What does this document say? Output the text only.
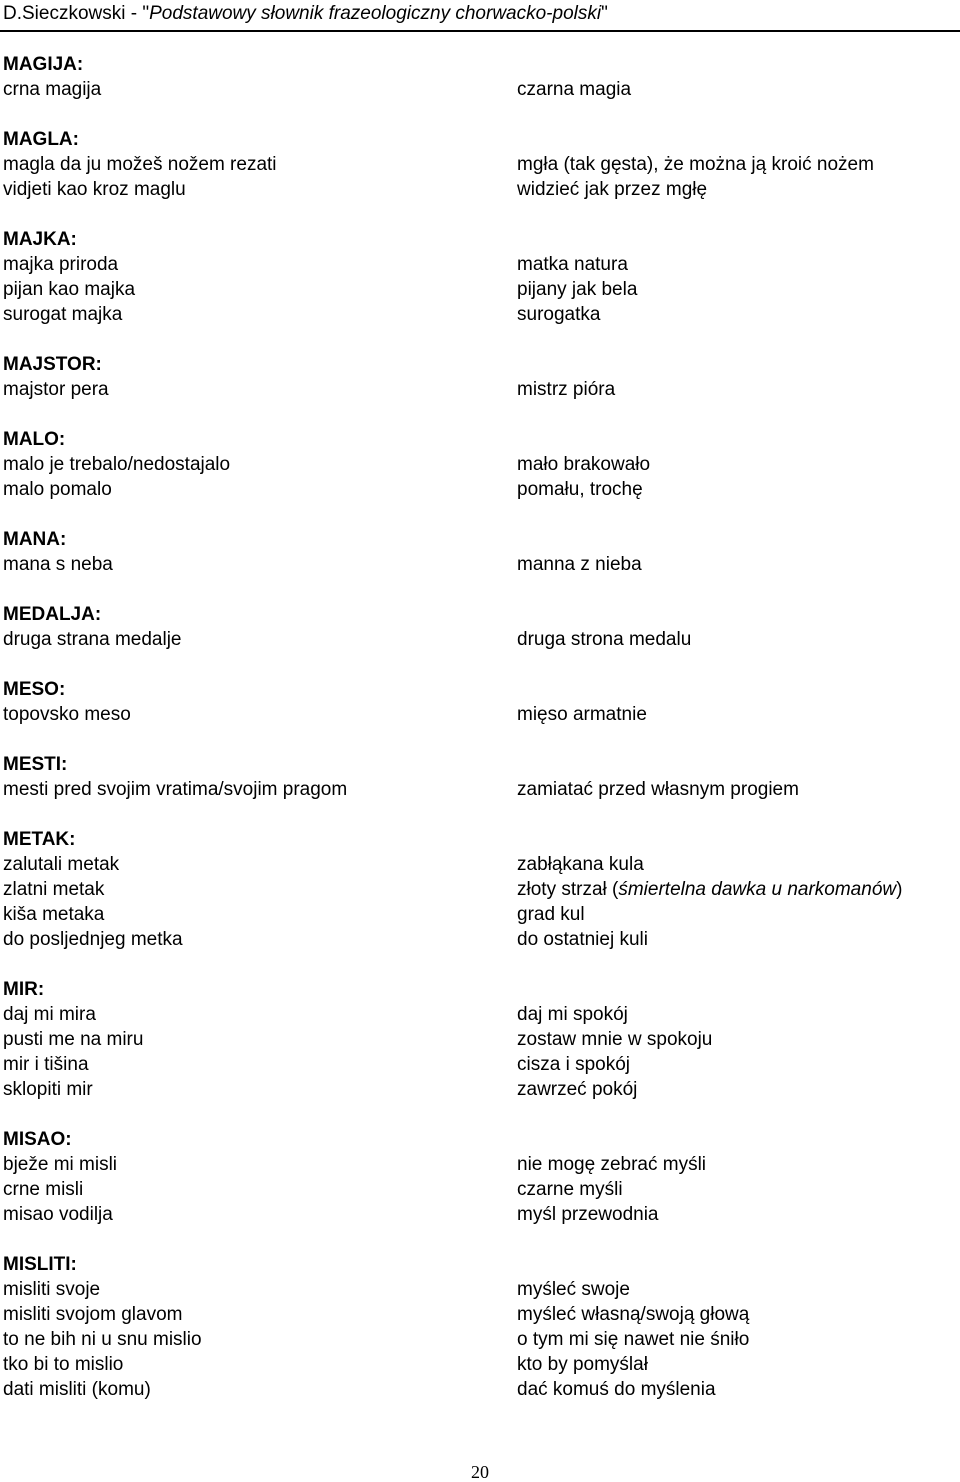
D.Sieczkowski - "Podstawowy słownik frazeologiczny chorwacko-polski"
MAGIJA:
crna magija	czarna magia
MAGLA:
magla da ju možeš nožem rezati	mgła (tak gęsta), że można ją kroić nożem
vidjeti kao kroz maglu	widzieć jak przez mgłę
MAJKA:
majka priroda	matka natura
pijan kao majka	pijany jak bela
surogat majka	surogatka
MAJSTOR:
majstor pera	mistrz pióra
MALO:
malo je trebalo/nedostajalo	mało brakowało
malo pomalo	pomału, trochę
MANA:
mana s neba	manna z nieba
MEDALJA:
druga strana medalje	druga strona medalu
MESO:
topovsko meso	mięso armatnie
MESTI:
mesti pred svojim vratima/svojim pragom	zamiatać przed własnym progiem
METAK:
zalutali metak	zabłąkana kula
zlatni metak	złoty strzał (śmiertelna dawka u narkomanów)
kiša metaka	grad kul
do posljednjeg metka	do ostatniej kuli
MIR:
daj mi mira	daj mi spokój
pusti me na miru	zostaw mnie w spokoju
mir i tišina	cisza i spokój
sklopiti mir	zawrzeć pokój
MISAO:
bježe mi misli	nie mogę zebrać myśli
crne misli	czarne myśli
misao vodilja	myśl przewodnia
MISLITI:
misliti svoje	myśleć swoje
misliti svojom glavom	myśleć własną/swoją głową
to ne bih ni u snu mislio	o tym mi się nawet nie śniło
tko bi to mislio	kto by pomyślał
dati misliti (komu)	dać komuś do myślenia
20
